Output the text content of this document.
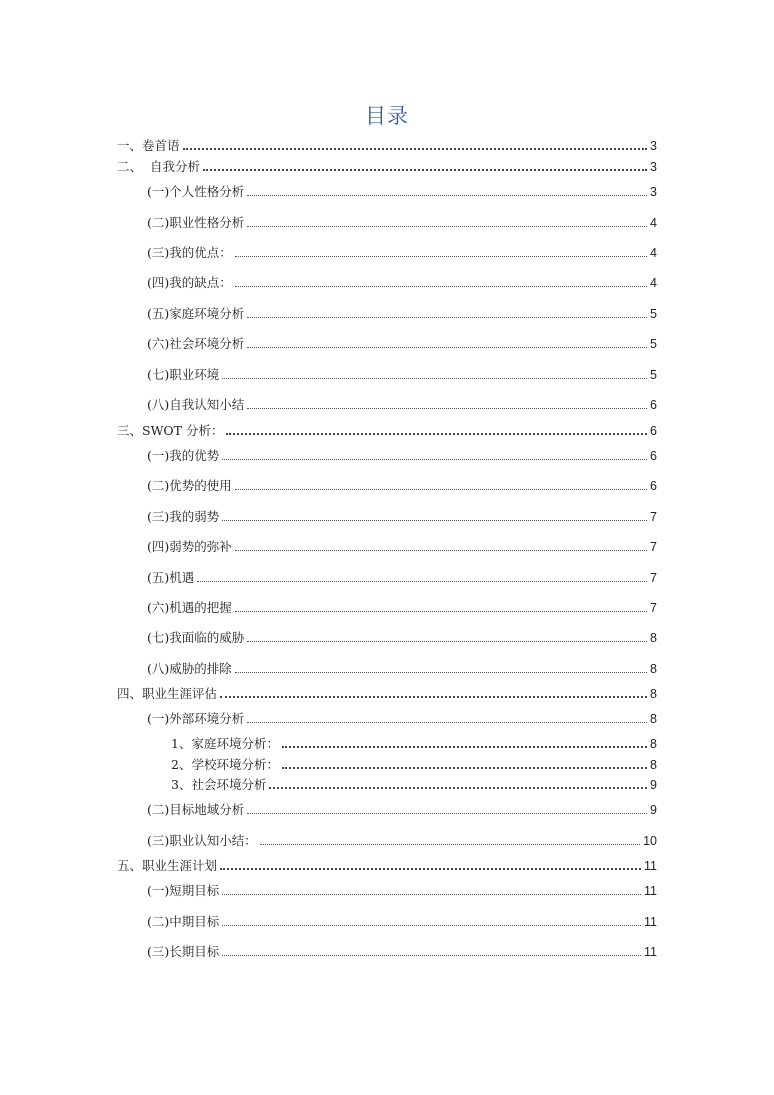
目录
一、卷首语	3
二、  自我分析	3
(一)个人性格分析	3
(二)职业性格分析	4
(三)我的优点：	4
(四)我的缺点：	4
(五)家庭环境分析	5
(六)社会环境分析	5
(七)职业环境	5
(八)自我认知小结	6
三、SWOT 分析：	6
(一)我的优势	6
(二)优势的使用	6
(三)我的弱势	7
(四)弱势的弥补	7
(五)机遇	7
(六)机遇的把握	7
(七)我面临的威胁	8
(八)威胁的排除	8
四、职业生涯评估	8
(一)外部环境分析	8
1、家庭环境分析：	8
2、学校环境分析：	8
3、社会环境分析	9
(二)目标地域分析	9
(三)职业认知小结：	10
五、职业生涯计划	11
(一)短期目标	11
(二)中期目标	11
(三)长期目标	11
